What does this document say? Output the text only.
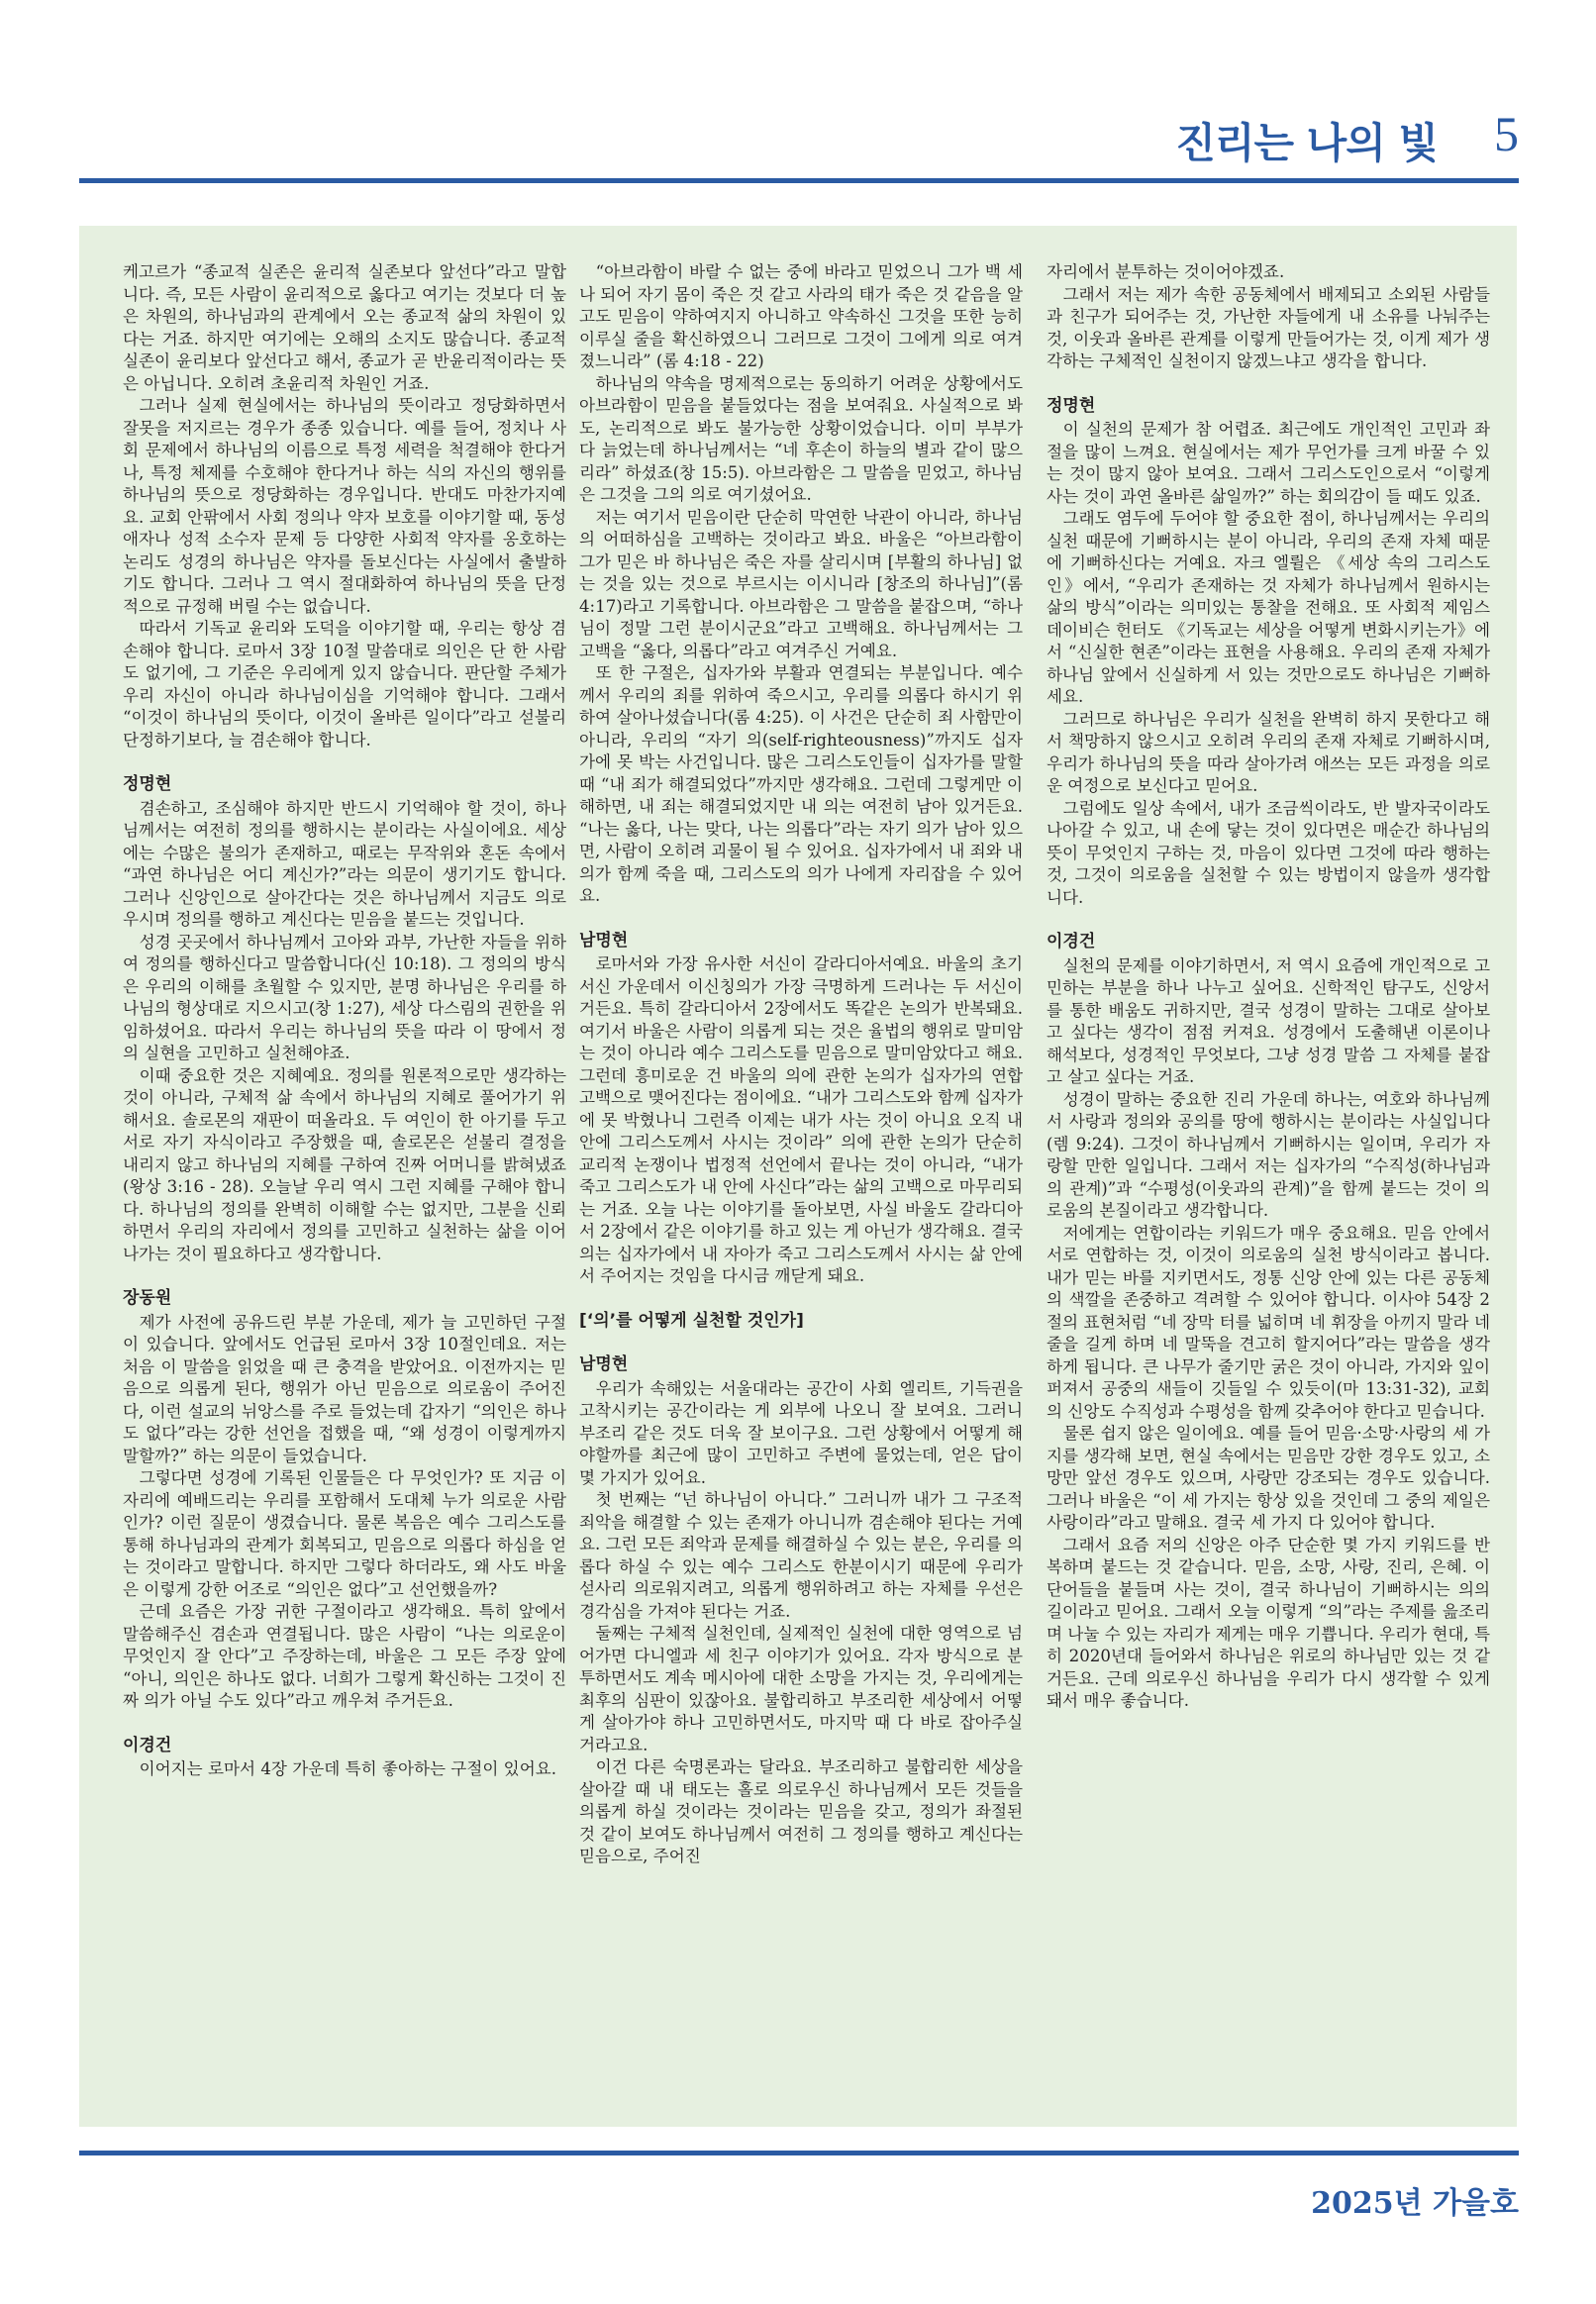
진리는 나의 빛 5

케고르가 “종교적 실존은 윤리적 실존보다 앞선다”라고 말합니다. 즉, 모든 사람이 윤리적으로 옳다고 여기는 것보다 더 높은 차원의, 하나님과의 관계에서 오는 종교적 삶의 차원이 있다는 거죠. 하지만 여기에는 오해의 소지도 많습니다. 종교적 실존이 윤리보다 앞선다고 해서, 종교가 곧 반윤리적이라는 뜻은 아닙니다. 오히려 초윤리적 차원인 거죠.

그러나 실제 현실에서는 하나님의 뜻이라고 정당화하면서 잘못을 저지르는 경우가 종종 있습니다. 예를 들어, 정치나 사회 문제에서 하나님의 이름으로 특정 세력을 척결해야 한다거나, 특정 체제를 수호해야 한다거나 하는 식의 자신의 행위를 하나님의 뜻으로 정당화하는 경우입니다. 반대도 마찬가지예요. 교회 안팎에서 사회 정의나 약자 보호를 이야기할 때, 동성애자나 성적 소수자 문제 등 다양한 사회적 약자를 옹호하는 논리도 성경의 하나님은 약자를 돌보신다는 사실에서 출발하기도 합니다. 그러나 그 역시 절대화하여 하나님의 뜻을 단정적으로 규정해 버릴 수는 없습니다.

따라서 기독교 윤리와 도덕을 이야기할 때, 우리는 항상 겸손해야 합니다. 로마서 3장 10절 말씀대로 의인은 단 한 사람도 없기에, 그 기준은 우리에게 있지 않습니다. 판단할 주체가 우리 자신이 아니라 하나님이심을 기억해야 합니다. 그래서 “이것이 하나님의 뜻이다, 이것이 올바른 일이다”라고 섣불리 단정하기보다, 늘 겸손해야 합니다.

정명현

겸손하고, 조심해야 하지만 반드시 기억해야 할 것이, 하나님께서는 여전히 정의를 행하시는 분이라는 사실이에요. 세상에는 수많은 불의가 존재하고, 때로는 무작위와 혼돈 속에서 “과연 하나님은 어디 계신가?”라는 의문이 생기기도 합니다. 그러나 신앙인으로 살아간다는 것은 하나님께서 지금도 의로우시며 정의를 행하고 계신다는 믿음을 붙드는 것입니다.

성경 곳곳에서 하나님께서 고아와 과부, 가난한 자들을 위하여 정의를 행하신다고 말씀합니다(신 10:18). 그 정의의 방식은 우리의 이해를 초월할 수 있지만, 분명 하나님은 우리를 하나님의 형상대로 지으시고(창 1:27), 세상 다스림의 권한을 위임하셨어요. 따라서 우리는 하나님의 뜻을 따라 이 땅에서 정의 실현을 고민하고 실천해야죠.

이때 중요한 것은 지혜예요. 정의를 원론적으로만 생각하는 것이 아니라, 구체적 삶 속에서 하나님의 지혜로 풀어가기 위해서요. 솔로몬의 재판이 떠올라요. 두 여인이 한 아기를 두고 서로 자기 자식이라고 주장했을 때, 솔로몬은 섣불리 결정을 내리지 않고 하나님의 지혜를 구하여 진짜 어머니를 밝혀냈죠(왕상 3:16 - 28). 오늘날 우리 역시 그런 지혜를 구해야 합니다. 하나님의 정의를 완벽히 이해할 수는 없지만, 그분을 신뢰하면서 우리의 자리에서 정의를 고민하고 실천하는 삶을 이어나가는 것이 필요하다고 생각합니다.

장동원

제가 사전에 공유드린 부분 가운데, 제가 늘 고민하던 구절이 있습니다. 앞에서도 언급된 로마서 3장 10절인데요. 저는 처음 이 말씀을 읽었을 때 큰 충격을 받았어요. 이전까지는 믿음으로 의롭게 된다, 행위가 아닌 믿음으로 의로움이 주어진다, 이런 설교의 뉘앙스를 주로 들었는데 갑자기 “의인은 하나도 없다”라는 강한 선언을 접했을 때, “왜 성경이 이렇게까지 말할까?” 하는 의문이 들었습니다.

그렇다면 성경에 기록된 인물들은 다 무엇인가? 또 지금 이 자리에 예배드리는 우리를 포함해서 도대체 누가 의로운 사람인가? 이런 질문이 생겼습니다. 물론 복음은 예수 그리스도를 통해 하나님과의 관계가 회복되고, 믿음으로 의롭다 하심을 얻는 것이라고 말합니다. 하지만 그렇다 하더라도, 왜 사도 바울은 이렇게 강한 어조로 “의인은 없다”고 선언했을까?

근데 요즘은 가장 귀한 구절이라고 생각해요. 특히 앞에서 말씀해주신 겸손과 연결됩니다. 많은 사람이 “나는 의로운이 무엇인지 잘 안다”고 주장하는데, 바울은 그 모든 주장 앞에 “아니, 의인은 하나도 없다. 너희가 그렇게 확신하는 그것이 진짜 의가 아닐 수도 있다”라고 깨우쳐 주거든요.

이경건

이어지는 로마서 4장 가운데 특히 좋아하는 구절이 있어요.

“아브라함이 바랄 수 없는 중에 바라고 믿었으니 그가 백 세나 되어 자기 몸이 죽은 것 같고 사라의 태가 죽은 것 같음을 알고도 믿음이 약하여지지 아니하고 약속하신 그것을 또한 능히 이루실 줄을 확신하였으니 그러므로 그것이 그에게 의로 여겨졌느니라” (롬 4:18 - 22)

하나님의 약속을 명제적으로는 동의하기 어려운 상황에서도 아브라함이 믿음을 붙들었다는 점을 보여줘요. 사실적으로 봐도, 논리적으로 봐도 불가능한 상황이었습니다. 이미 부부가 다 늙었는데 하나님께서는 “네 후손이 하늘의 별과 같이 많으리라” 하셨죠(창 15:5). 아브라함은 그 말씀을 믿었고, 하나님은 그것을 그의 의로 여기셨어요.

저는 여기서 믿음이란 단순히 막연한 낙관이 아니라, 하나님의 어떠하심을 고백하는 것이라고 봐요. 바울은 “아브라함이 그가 믿은 바 하나님은 죽은 자를 살리시며 [부활의 하나님] 없는 것을 있는 것으로 부르시는 이시니라 [창조의 하나님]”(롬 4:17)라고 기록합니다. 아브라함은 그 말씀을 붙잡으며, “하나님이 정말 그런 분이시군요”라고 고백해요. 하나님께서는 그 고백을 “옳다, 의롭다”라고 여겨주신 거예요.

또 한 구절은, 십자가와 부활과 연결되는 부분입니다. 예수께서 우리의 죄를 위하여 죽으시고, 우리를 의롭다 하시기 위하여 살아나셨습니다(롬 4:25). 이 사건은 단순히 죄 사함만이 아니라, 우리의 “자기 의(self-righteousness)”까지도 십자가에 못 박는 사건입니다. 많은 그리스도인들이 십자가를 말할 때 “내 죄가 해결되었다”까지만 생각해요. 그런데 그렇게만 이해하면, 내 죄는 해결되었지만 내 의는 여전히 남아 있거든요. “나는 옳다, 나는 맞다, 나는 의롭다”라는 자기 의가 남아 있으면, 사람이 오히려 괴물이 될 수 있어요. 십자가에서 내 죄와 내 의가 함께 죽을 때, 그리스도의 의가 나에게 자리잡을 수 있어요.

남명현

로마서와 가장 유사한 서신이 갈라디아서예요. 바울의 초기 서신 가운데서 이신칭의가 가장 극명하게 드러나는 두 서신이거든요. 특히 갈라디아서 2장에서도 똑같은 논의가 반복돼요. 여기서 바울은 사람이 의롭게 되는 것은 율법의 행위로 말미암는 것이 아니라 예수 그리스도를 믿음으로 말미암았다고 해요. 그런데 흥미로운 건 바울의 의에 관한 논의가 십자가의 연합 고백으로 맺어진다는 점이에요. “내가 그리스도와 함께 십자가에 못 박혔나니 그런즉 이제는 내가 사는 것이 아니요 오직 내 안에 그리스도께서 사시는 것이라” 의에 관한 논의가 단순히 교리적 논쟁이나 법정적 선언에서 끝나는 것이 아니라, “내가 죽고 그리스도가 내 안에 사신다”라는 삶의 고백으로 마무리되는 거죠. 오늘 나는 이야기를 돌아보면, 사실 바울도 갈라디아서 2장에서 같은 이야기를 하고 있는 게 아닌가 생각해요. 결국 의는 십자가에서 내 자아가 죽고 그리스도께서 사시는 삶 안에서 주어지는 것임을 다시금 깨닫게 돼요.

[‘의’를 어떻게 실천할 것인가]
남명현

우리가 속해있는 서울대라는 공간이 사회 엘리트, 기득권을 고착시키는 공간이라는 게 외부에 나오니 잘 보여요. 그러니 부조리 같은 것도 더욱 잘 보이구요. 그런 상황에서 어떻게 해야할까를 최근에 많이 고민하고 주변에 물었는데, 얻은 답이 몇 가지가 있어요.

첫 번째는 “넌 하나님이 아니다.” 그러니까 내가 그 구조적 죄악을 해결할 수 있는 존재가 아니니까 겸손해야 된다는 거예요. 그런 모든 죄악과 문제를 해결하실 수 있는 분은, 우리를 의롭다 하실 수 있는 예수 그리스도 한분이시기 때문에 우리가 섣사리 의로워지려고, 의롭게 행위하려고 하는 자체를 우선은 경각심을 가져야 된다는 거죠.

둘째는 구체적 실천인데, 실제적인 실천에 대한 영역으로 넘어가면 다니엘과 세 친구 이야기가 있어요. 각자 방식으로 분투하면서도 계속 메시아에 대한 소망을 가지는 것, 우리에게는 최후의 심판이 있잖아요. 불합리하고 부조리한 세상에서 어떻게 살아가야 하나 고민하면서도, 마지막 때 다 바로 잡아주실 거라고요.

이건 다른 숙명론과는 달라요. 부조리하고 불합리한 세상을 살아갈 때 내 태도는 홀로 의로우신 하나님께서 모든 것들을 의롭게 하실 것이라는 것이라는 믿음을 갖고, 정의가 좌절된 것 같이 보여도 하나님께서 여전히 그 정의를 행하고 계신다는 믿음으로, 주어진

자리에서 분투하는 것이어야겠죠.

그래서 저는 제가 속한 공동체에서 배제되고 소외된 사람들과 친구가 되어주는 것, 가난한 자들에게 내 소유를 나눠주는 것, 이웃과 올바른 관계를 이렇게 만들어가는 것, 이게 제가 생각하는 구체적인 실천이지 않겠느냐고 생각을 합니다.

정명현

이 실천의 문제가 참 어렵죠. 최근에도 개인적인 고민과 좌절을 많이 느껴요. 현실에서는 제가 무언가를 크게 바꿀 수 있는 것이 많지 않아 보여요. 그래서 그리스도인으로서 “이렇게 사는 것이 과연 올바른 삶일까?” 하는 회의감이 들 때도 있죠.

그래도 염두에 두어야 할 중요한 점이, 하나님께서는 우리의 실천 때문에 기뻐하시는 분이 아니라, 우리의 존재 자체 때문에 기뻐하신다는 거예요. 자크 엘륄은 《세상 속의 그리스도인》에서, “우리가 존재하는 것 자체가 하나님께서 원하시는 삶의 방식”이라는 의미있는 통찰을 전해요. 또 사회적 제임스 데이비슨 헌터도 《기독교는 세상을 어떻게 변화시키는가》에서 “신실한 현존”이라는 표현을 사용해요. 우리의 존재 자체가 하나님 앞에서 신실하게 서 있는 것만으로도 하나님은 기뻐하세요.

그러므로 하나님은 우리가 실천을 완벽히 하지 못한다고 해서 책망하지 않으시고 오히려 우리의 존재 자체로 기뻐하시며, 우리가 하나님의 뜻을 따라 살아가려 애쓰는 모든 과정을 의로운 여정으로 보신다고 믿어요.

그럼에도 일상 속에서, 내가 조금씩이라도, 반 발자국이라도 나아갈 수 있고, 내 손에 닿는 것이 있다면은 매순간 하나님의 뜻이 무엇인지 구하는 것, 마음이 있다면 그것에 따라 행하는 것, 그것이 의로움을 실천할 수 있는 방법이지 않을까 생각합니다.

이경건

실천의 문제를 이야기하면서, 저 역시 요즘에 개인적으로 고민하는 부분을 하나 나누고 싶어요. 신학적인 탐구도, 신앙서를 통한 배움도 귀하지만, 결국 성경이 말하는 그대로 살아보고 싶다는 생각이 점점 커져요. 성경에서 도출해낸 이론이나 해석보다, 성경적인 무엇보다, 그냥 성경 말씀 그 자체를 붙잡고 살고 싶다는 거죠.

성경이 말하는 중요한 진리 가운데 하나는, 여호와 하나님께서 사랑과 정의와 공의를 땅에 행하시는 분이라는 사실입니다(렘 9:24). 그것이 하나님께서 기뻐하시는 일이며, 우리가 자랑할 만한 일입니다. 그래서 저는 십자가의 “수직성(하나님과의 관계)”과 “수평성(이웃과의 관계)”을 함께 붙드는 것이 의로움의 본질이라고 생각합니다.

저에게는 연합이라는 키워드가 매우 중요해요. 믿음 안에서 서로 연합하는 것, 이것이 의로움의 실천 방식이라고 봅니다. 내가 믿는 바를 지키면서도, 정통 신앙 안에 있는 다른 공동체의 색깔을 존중하고 격려할 수 있어야 합니다. 이사야 54장 2절의 표현처럼 “네 장막 터를 넓히며 네 휘장을 아끼지 말라 네 줄을 길게 하며 네 말뚝을 견고히 할지어다”라는 말씀을 생각하게 됩니다. 큰 나무가 줄기만 굵은 것이 아니라, 가지와 잎이 퍼져서 공중의 새들이 깃들일 수 있듯이(마 13:31-32), 교회의 신앙도 수직성과 수평성을 함께 갖추어야 한다고 믿습니다.

물론 쉽지 않은 일이에요. 예를 들어 믿음·소망·사랑의 세 가지를 생각해 보면, 현실 속에서는 믿음만 강한 경우도 있고, 소망만 앞선 경우도 있으며, 사랑만 강조되는 경우도 있습니다. 그러나 바울은 “이 세 가지는 항상 있을 것인데 그 중의 제일은 사랑이라”라고 말해요. 결국 세 가지 다 있어야 합니다.

그래서 요즘 저의 신앙은 아주 단순한 몇 가지 키워드를 반복하며 붙드는 것 같습니다. 믿음, 소망, 사랑, 진리, 은혜. 이 단어들을 붙들며 사는 것이, 결국 하나님이 기뻐하시는 의의 길이라고 믿어요. 그래서 오늘 이렇게 “의”라는 주제를 읊조리며 나눌 수 있는 자리가 제게는 매우 기쁩니다. 우리가 현대, 특히 2020년대 들어와서 하나님은 위로의 하나님만 있는 것 같거든요. 근데 의로우신 하나님을 우리가 다시 생각할 수 있게 돼서 매우 좋습니다.

2025년 가을호
